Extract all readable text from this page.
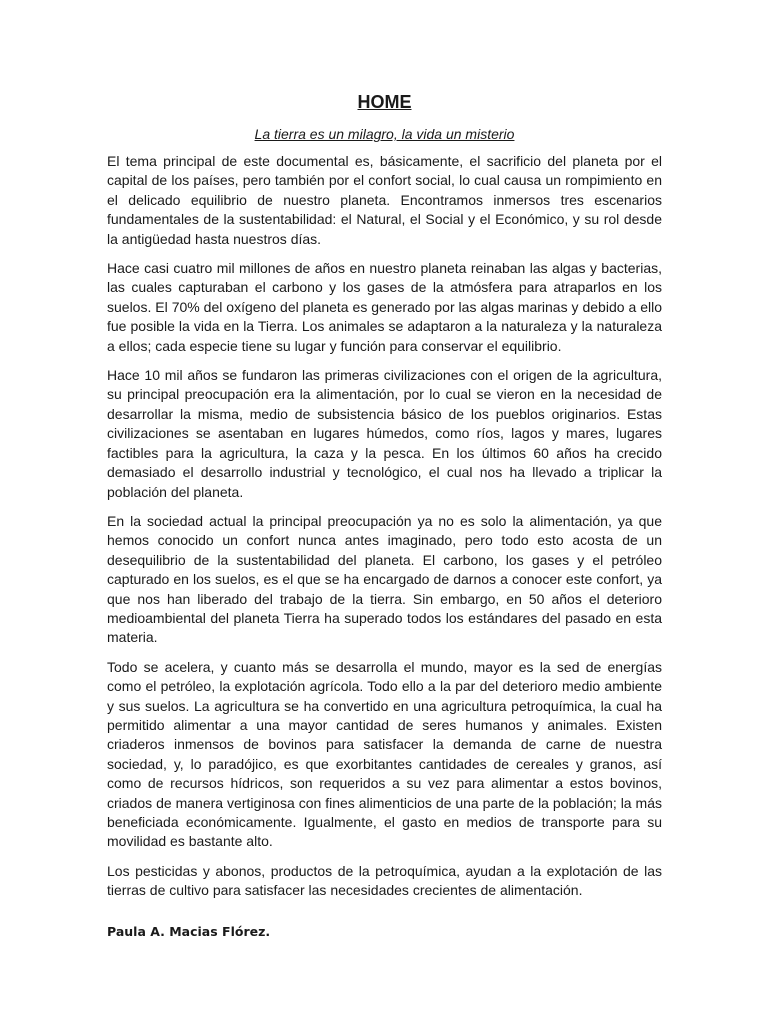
HOME
La tierra es un milagro, la vida un misterio

El tema principal de este documental es, básicamente, el sacrificio del planeta por el capital de los países, pero también por el confort social, lo cual causa un rompimiento en el delicado equilibrio de nuestro planeta. Encontramos inmersos tres escenarios fundamentales de la sustentabilidad: el Natural, el Social y el Económico, y su rol desde la antigüedad hasta nuestros días.

Hace casi cuatro mil millones de años en nuestro planeta reinaban las algas y bacterias, las cuales capturaban el carbono y los gases de la atmósfera para atraparlos en los suelos. El 70% del oxígeno del planeta es generado por las algas marinas y debido a ello fue posible la vida en la Tierra. Los animales se adaptaron a la naturaleza y la naturaleza a ellos; cada especie tiene su lugar y función para conservar el equilibrio.

Hace 10 mil años se fundaron las primeras civilizaciones con el origen de la agricultura, su principal preocupación era la alimentación, por lo cual se vieron en la necesidad de desarrollar la misma, medio de subsistencia básico de los pueblos originarios. Estas civilizaciones se asentaban en lugares húmedos, como ríos, lagos y mares, lugares factibles para la agricultura, la caza y la pesca. En los últimos 60 años ha crecido demasiado el desarrollo industrial y tecnológico, el cual nos ha llevado a triplicar la población del planeta.

En la sociedad actual la principal preocupación ya no es solo la alimentación, ya que hemos conocido un confort nunca antes imaginado, pero todo esto acosta de un desequilibrio de la sustentabilidad del planeta. El carbono, los gases y el petróleo capturado en los suelos, es el que se ha encargado de darnos a conocer este confort, ya que nos han liberado del trabajo de la tierra. Sin embargo, en 50 años el deterioro medioambiental del planeta Tierra ha superado todos los estándares del pasado en esta materia.

Todo se acelera, y cuanto más se desarrolla el mundo, mayor es la sed de energías como el petróleo, la explotación agrícola. Todo ello a la par del deterioro medio ambiente y sus suelos. La agricultura se ha convertido en una agricultura petroquímica, la cual ha permitido alimentar a una mayor cantidad de seres humanos y animales. Existen criaderos inmensos de bovinos para satisfacer la demanda de carne de nuestra sociedad, y, lo paradójico, es que exorbitantes cantidades de cereales y granos, así como de recursos hídricos, son requeridos a su vez para alimentar a estos bovinos, criados de manera vertiginosa con fines alimenticios de una parte de la población; la más beneficiada económicamente. Igualmente, el gasto en medios de transporte para su movilidad es bastante alto.

Los pesticidas y abonos, productos de la petroquímica, ayudan a la explotación de las tierras de cultivo para satisfacer las necesidades crecientes de alimentación.

Paula A. Macias Flórez.
